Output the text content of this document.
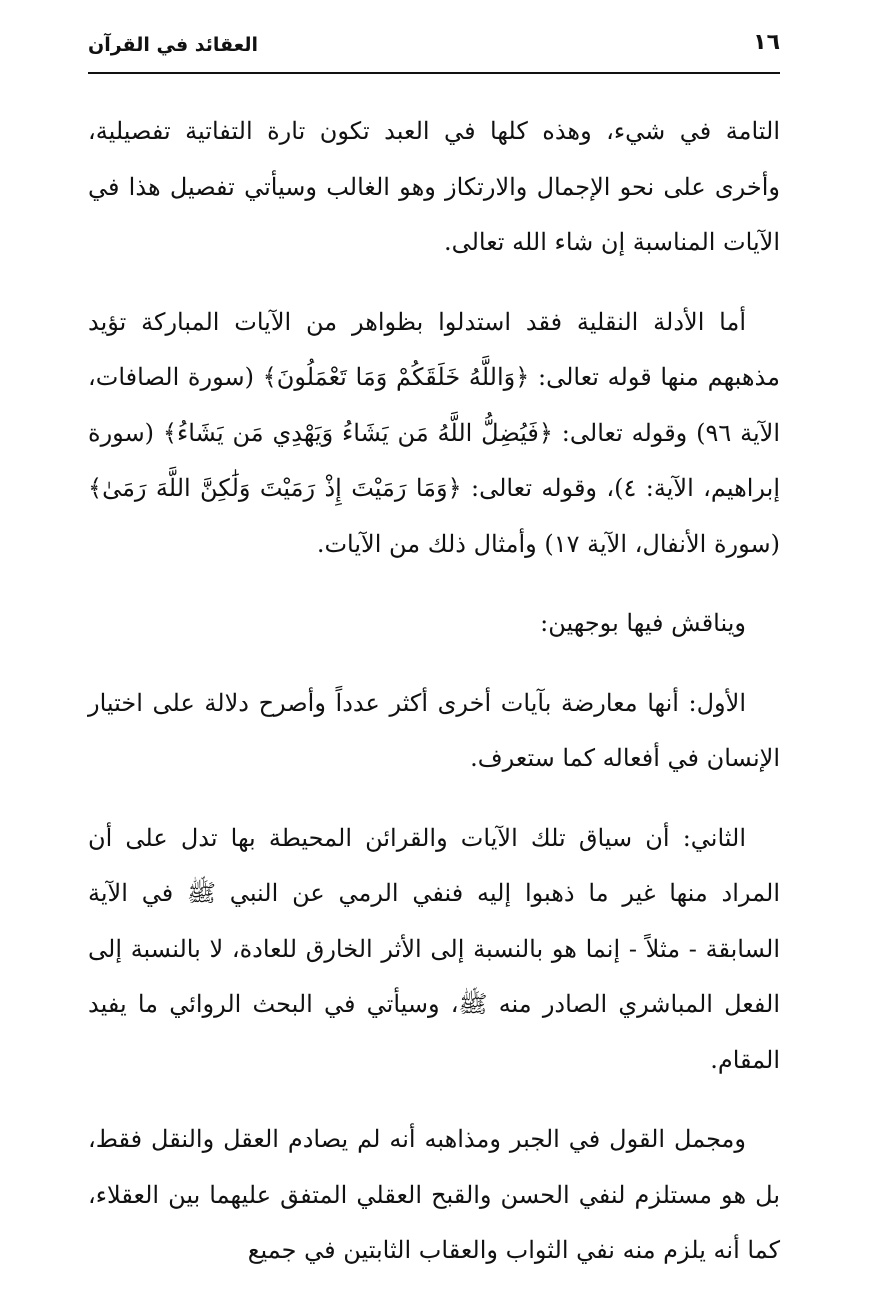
العقائد في القرآن	١٦

التامة في شيء، وهذه كلها في العبد تكون تارة التفاتية تفصيلية، وأخرى على نحو الإجمال والارتكاز وهو الغالب وسيأتي تفصيل هذا في الآيات المناسبة إن شاء الله تعالى.

أما الأدلة النقلية فقد استدلوا بظواهر من الآيات المباركة تؤيد مذهبهم منها قوله تعالى: ﴿وَاللَّهُ خَلَقَكُمْ وَمَا تَعْمَلُونَ﴾ (سورة الصافات، الآية ٩٦) وقوله تعالى: ﴿فَيُضِلُّ اللَّهُ مَن يَشَاءُ وَيَهْدِي مَن يَشَاءُ﴾ (سورة إبراهيم، الآية: ٤)، وقوله تعالى: ﴿وَمَا رَمَيْتَ إِذْ رَمَيْتَ وَلَٰكِنَّ اللَّهَ رَمَىٰ﴾ (سورة الأنفال، الآية ١٧) وأمثال ذلك من الآيات.

ويناقش فيها بوجهين:

الأول: أنها معارضة بآيات أخرى أكثر عدداً وأصرح دلالة على اختيار الإنسان في أفعاله كما ستعرف.

الثاني: أن سياق تلك الآيات والقرائن المحيطة بها تدل على أن المراد منها غير ما ذهبوا إليه فنفي الرمي عن النبي ﷺ في الآية السابقة - مثلاً - إنما هو بالنسبة إلى الأثر الخارق للعادة، لا بالنسبة إلى الفعل المباشري الصادر منه ﷺ، وسيأتي في البحث الروائي ما يفيد المقام.

ومجمل القول في الجبر ومذاهبه أنه لم يصادم العقل والنقل فقط، بل هو مستلزم لنفي الحسن والقبح العقلي المتفق عليهما بين العقلاء، كما أنه يلزم منه نفي الثواب والعقاب الثابتين في جميع
